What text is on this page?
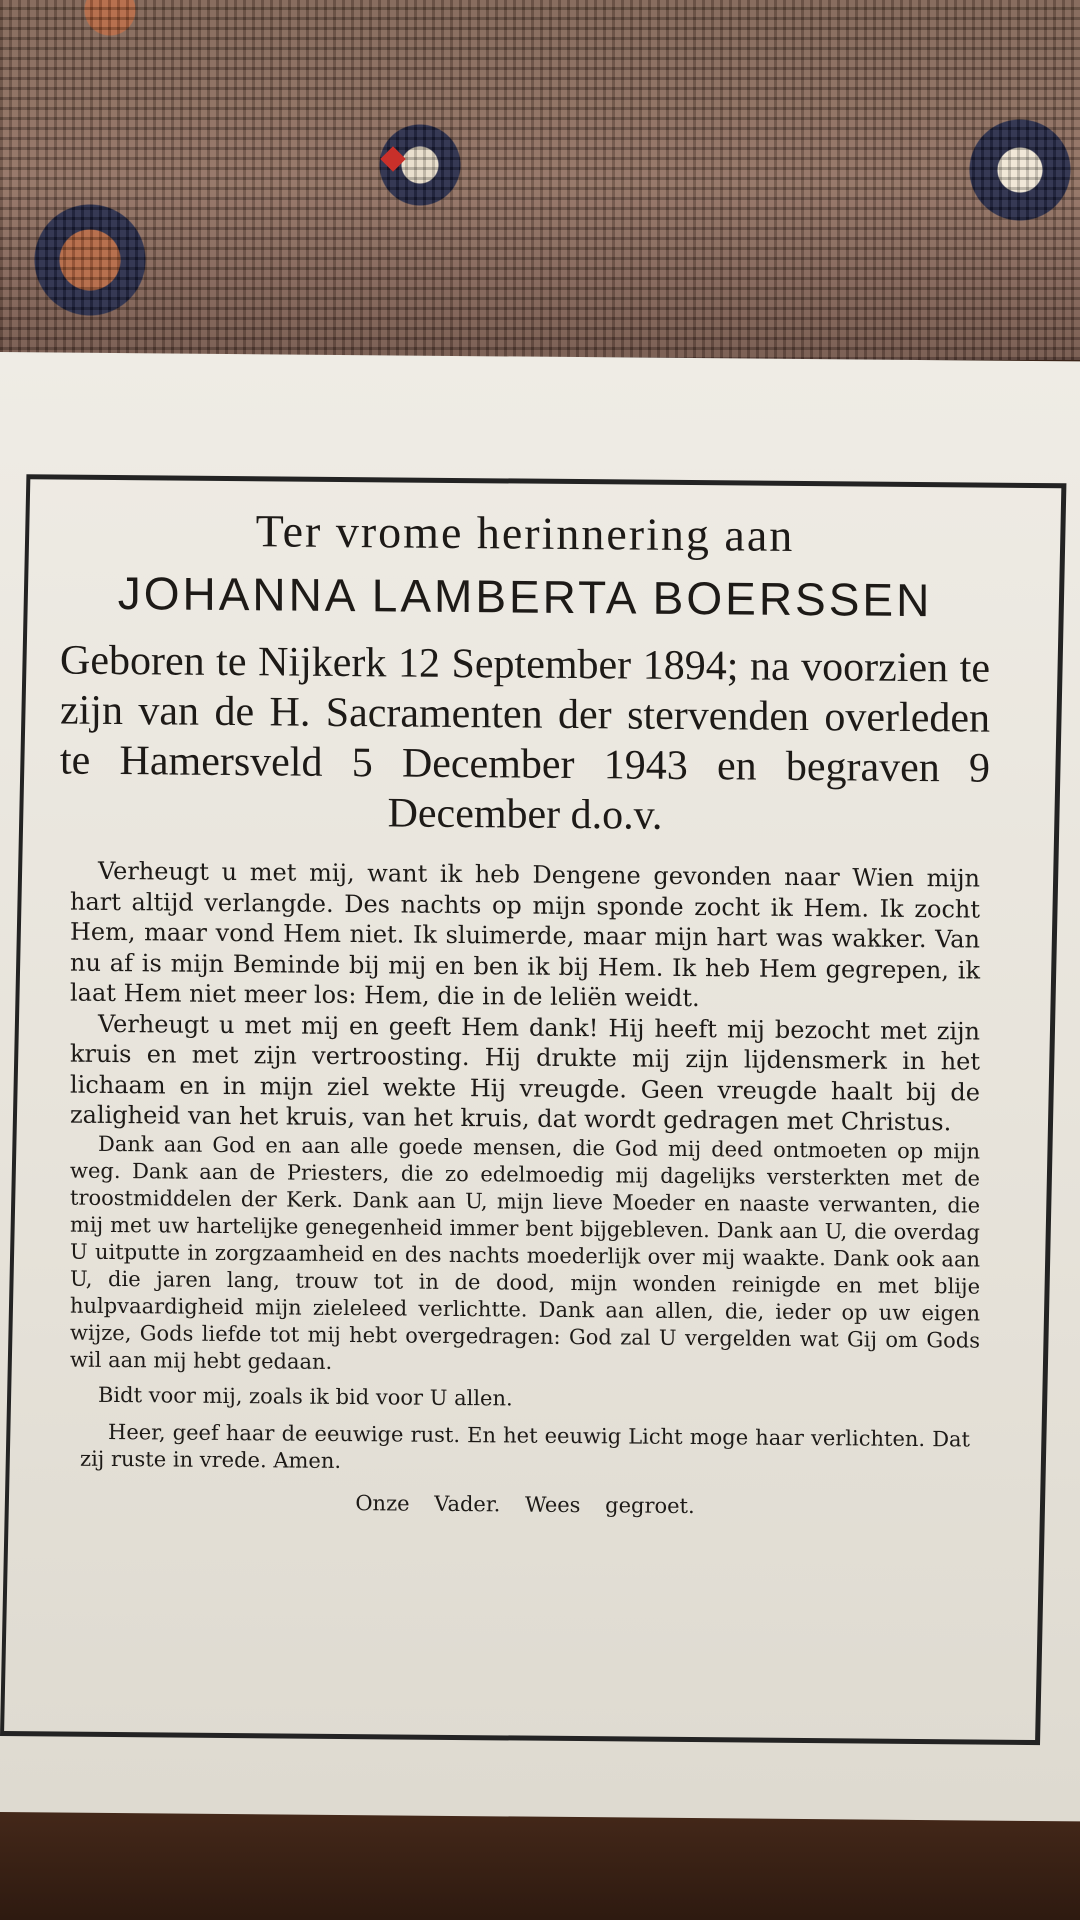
Ter vrome herinnering aan
JOHANNA LAMBERTA BOERSSEN
Geboren te Nijkerk 12 September 1894; na voorzien te zijn van de H. Sacramenten der stervenden overleden te Hamersveld 5 December 1943 en begraven 9 December d.o.v.
Verheugt u met mij, want ik heb Dengene gevonden naar Wien mijn hart altijd verlangde. Des nachts op mijn sponde zocht ik Hem. Ik zocht Hem, maar vond Hem niet. Ik sluimerde, maar mijn hart was wakker. Van nu af is mijn Beminde bij mij en ben ik bij Hem. Ik heb Hem gegrepen, ik laat Hem niet meer los: Hem, die in de leliën weidt.
Verheugt u met mij en geeft Hem dank! Hij heeft mij bezocht met zijn kruis en met zijn vertroosting. Hij drukte mij zijn lijdensmerk in het lichaam en in mijn ziel wekte Hij vreugde. Geen vreugde haalt bij de zaligheid van het kruis, van het kruis, dat wordt gedragen met Christus.
Dank aan God en aan alle goede mensen, die God mij deed ontmoeten op mijn weg. Dank aan de Priesters, die zo edelmoedig mij dagelijks versterkten met de troostmiddelen der Kerk. Dank aan U, mijn lieve Moeder en naaste verwanten, die mij met uw hartelijke genegenheid immer bent bijgebleven. Dank aan U, die overdag U uitputte in zorgzaamheid en des nachts moederlijk over mij waakte. Dank ook aan U, die jaren lang, trouw tot in de dood, mijn wonden reinigde en met blije hulpvaardigheid mijn zieleleed verlichtte. Dank aan allen, die, ieder op uw eigen wijze, Gods liefde tot mij hebt overgedragen: God zal U vergelden wat Gij om Gods wil aan mij hebt gedaan.
Bidt voor mij, zoals ik bid voor U allen.
Heer, geef haar de eeuwige rust. En het eeuwig Licht moge haar verlichten. Dat zij ruste in vrede. Amen.
Onze Vader. Wees gegroet.
